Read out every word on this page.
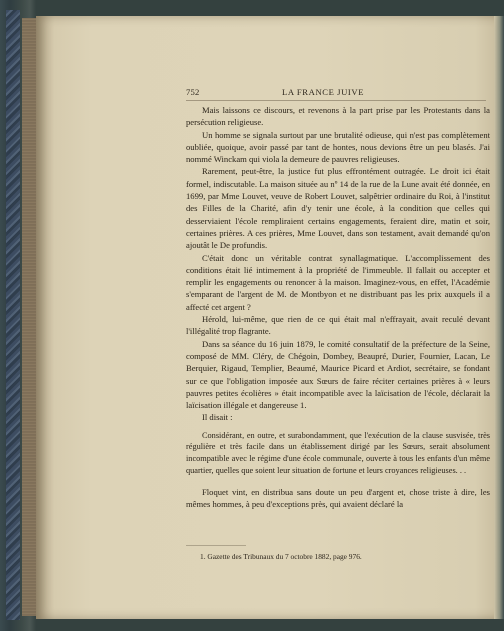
752	LA FRANCE JUIVE

Mais laissons ce discours, et revenons à la part prise par les Protestants dans la persécution religieuse.

Un homme se signala surtout par une brutalité odieuse, qui n'est pas complètement oubliée, quoique, avoir passé par tant de hontes, nous devions être un peu blasés. J'ai nommé Winckam qui viola la demeure de pauvres religieuses.

Rarement, peut-être, la justice fut plus effrontément outragée. Le droit ici était formel, indiscutable. La maison située au nº 14 de la rue de la Lune avait été donnée, en 1699, par Mme Louvet, veuve de Robert Louvet, salpêtrier ordinaire du Roi, à l'institut des Filles de la Charité, afin d'y tenir une école, à la condition que celles qui desserviaient l'école rempliraient certains engagements, feraient dire, matin et soir, certaines prières. A ces prières, Mme Louvet, dans son testament, avait demandé qu'on ajoutât le De profundis.

C'était donc un véritable contrat synallagmatique. L'accomplissement des conditions était lié intimement à la propriété de l'immeuble. Il fallait ou accepter et remplir les engagements ou renoncer à la maison. Imaginez-vous, en effet, l'Académie s'emparant de l'argent de M. de Montbyon et ne distribuant pas les prix auxquels il a affecté cet argent ?

Hérold, lui-même, que rien de ce qui était mal n'effrayait, avait reculé devant l'illégalité trop flagrante.

Dans sa séance du 16 juin 1879, le comité consultatif de la préfecture de la Seine, composé de MM. Cléry, de Chégoin, Dombey, Beaupré, Durier, Fournier, Lacan, Le Berquier, Rigaud, Templier, Beaumé, Maurice Picard et Ardiot, secrétaire, se fondant sur ce que l'obligation imposée aux Sœurs de faire réciter certaines prières à « leurs pauvres petites écolières » était incompatible avec la laïcisation de l'école, déclarait la laïcisation illégale et dangereuse 1.

Il disait :

Considérant, en outre, et surabondamment, que l'exécution de la clause susvisée, très régulière et très facile dans un établissement dirigé par les Sœurs, serait absolument incompatible avec le régime d'une école communale, ouverte à tous les enfants d'un même quartier, quelles que soient leur situation de fortune et leurs croyances religieuses. . .

Floquet vint, en distribua sans doute un peu d'argent et, chose triste à dire, les mêmes hommes, à peu d'exceptions près, qui avaient déclaré la

1. Gazette des Tribunaux du 7 octobre 1882, page 976.
